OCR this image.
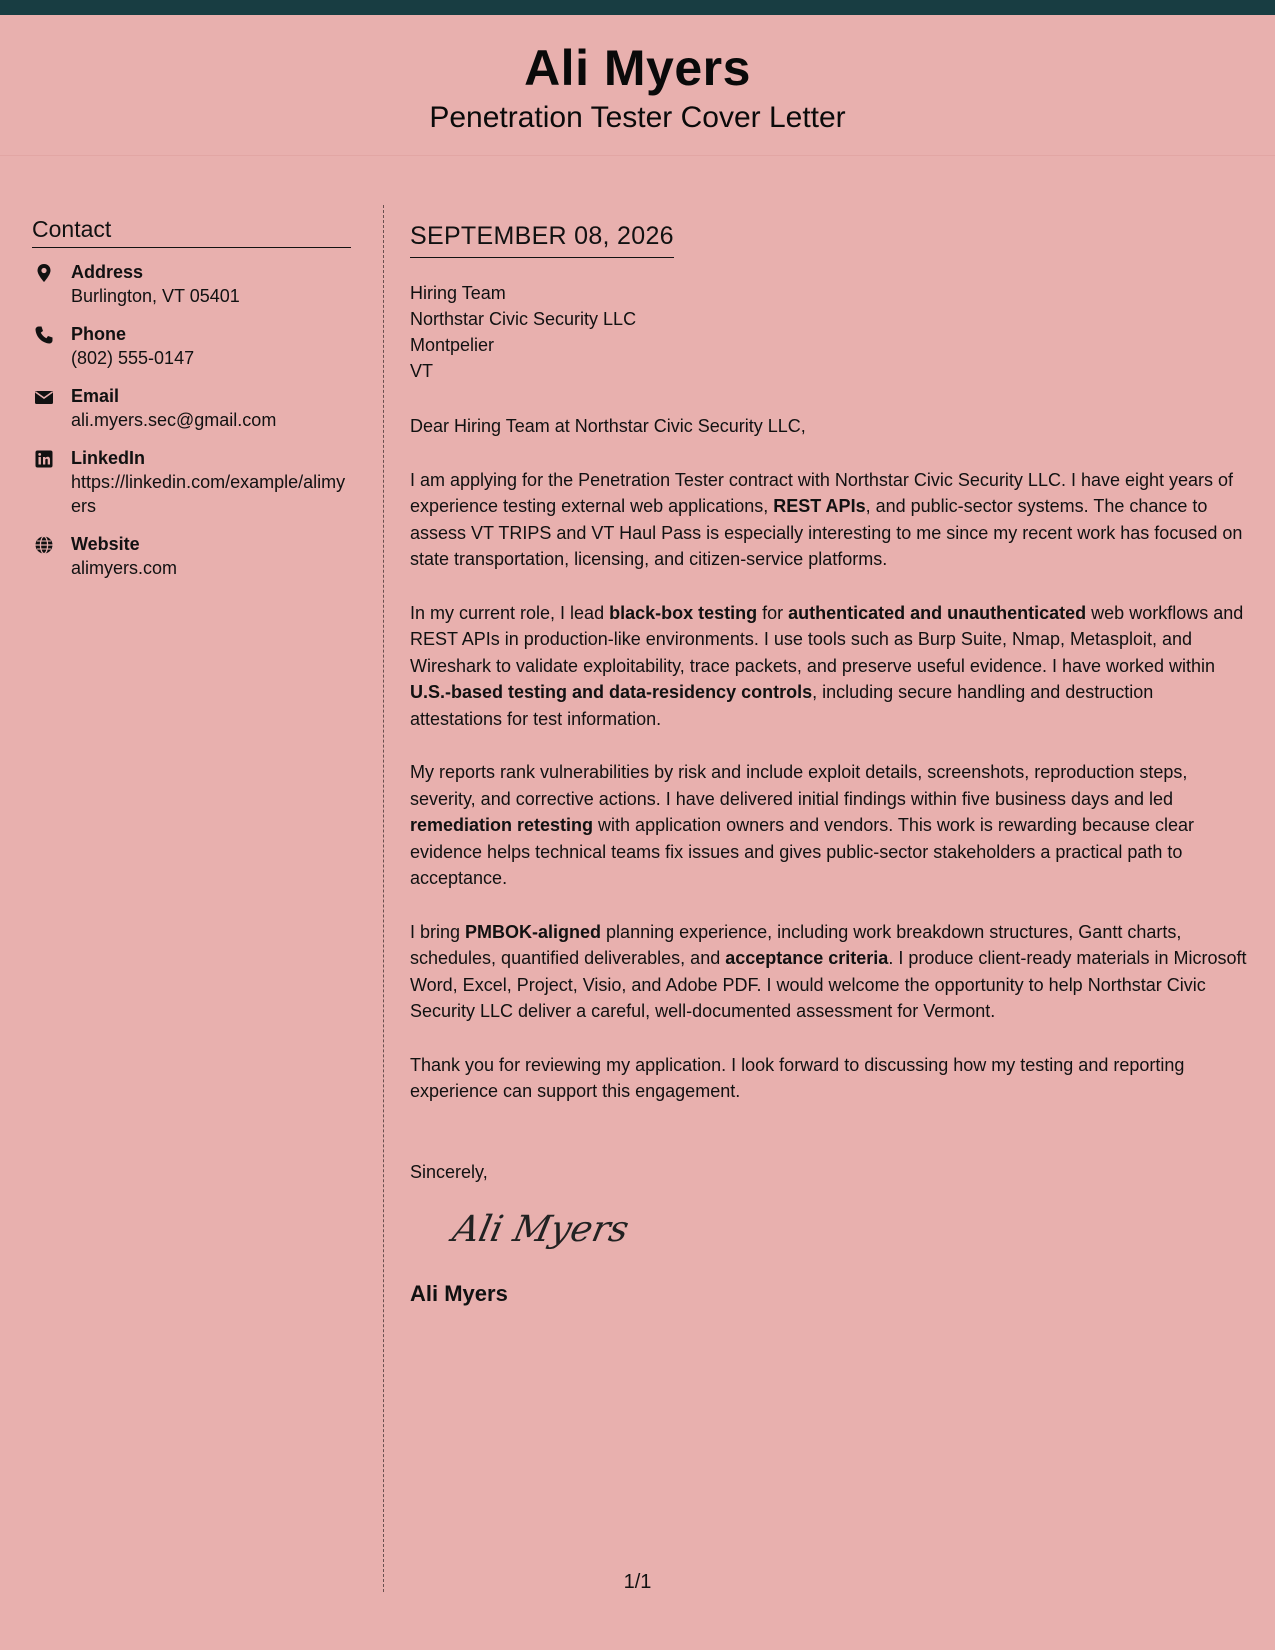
Ali Myers
Penetration Tester Cover Letter
Contact
Address
Burlington, VT 05401
Phone
(802) 555-0147
Email
ali.myers.sec@gmail.com
LinkedIn
https://linkedin.com/example/alimyers
Website
alimyers.com
SEPTEMBER 08, 2026
Hiring Team
Northstar Civic Security LLC
Montpelier
VT
Dear Hiring Team at Northstar Civic Security LLC,
I am applying for the Penetration Tester contract with Northstar Civic Security LLC. I have eight years of experience testing external web applications, REST APIs, and public-sector systems. The chance to assess VT TRIPS and VT Haul Pass is especially interesting to me since my recent work has focused on state transportation, licensing, and citizen-service platforms.
In my current role, I lead black-box testing for authenticated and unauthenticated web workflows and REST APIs in production-like environments. I use tools such as Burp Suite, Nmap, Metasploit, and Wireshark to validate exploitability, trace packets, and preserve useful evidence. I have worked within U.S.-based testing and data-residency controls, including secure handling and destruction attestations for test information.
My reports rank vulnerabilities by risk and include exploit details, screenshots, reproduction steps, severity, and corrective actions. I have delivered initial findings within five business days and led remediation retesting with application owners and vendors. This work is rewarding because clear evidence helps technical teams fix issues and gives public-sector stakeholders a practical path to acceptance.
I bring PMBOK-aligned planning experience, including work breakdown structures, Gantt charts, schedules, quantified deliverables, and acceptance criteria. I produce client-ready materials in Microsoft Word, Excel, Project, Visio, and Adobe PDF. I would welcome the opportunity to help Northstar Civic Security LLC deliver a careful, well-documented assessment for Vermont.
Thank you for reviewing my application. I look forward to discussing how my testing and reporting experience can support this engagement.
Sincerely,
Ali Myers
Ali Myers
1/1
